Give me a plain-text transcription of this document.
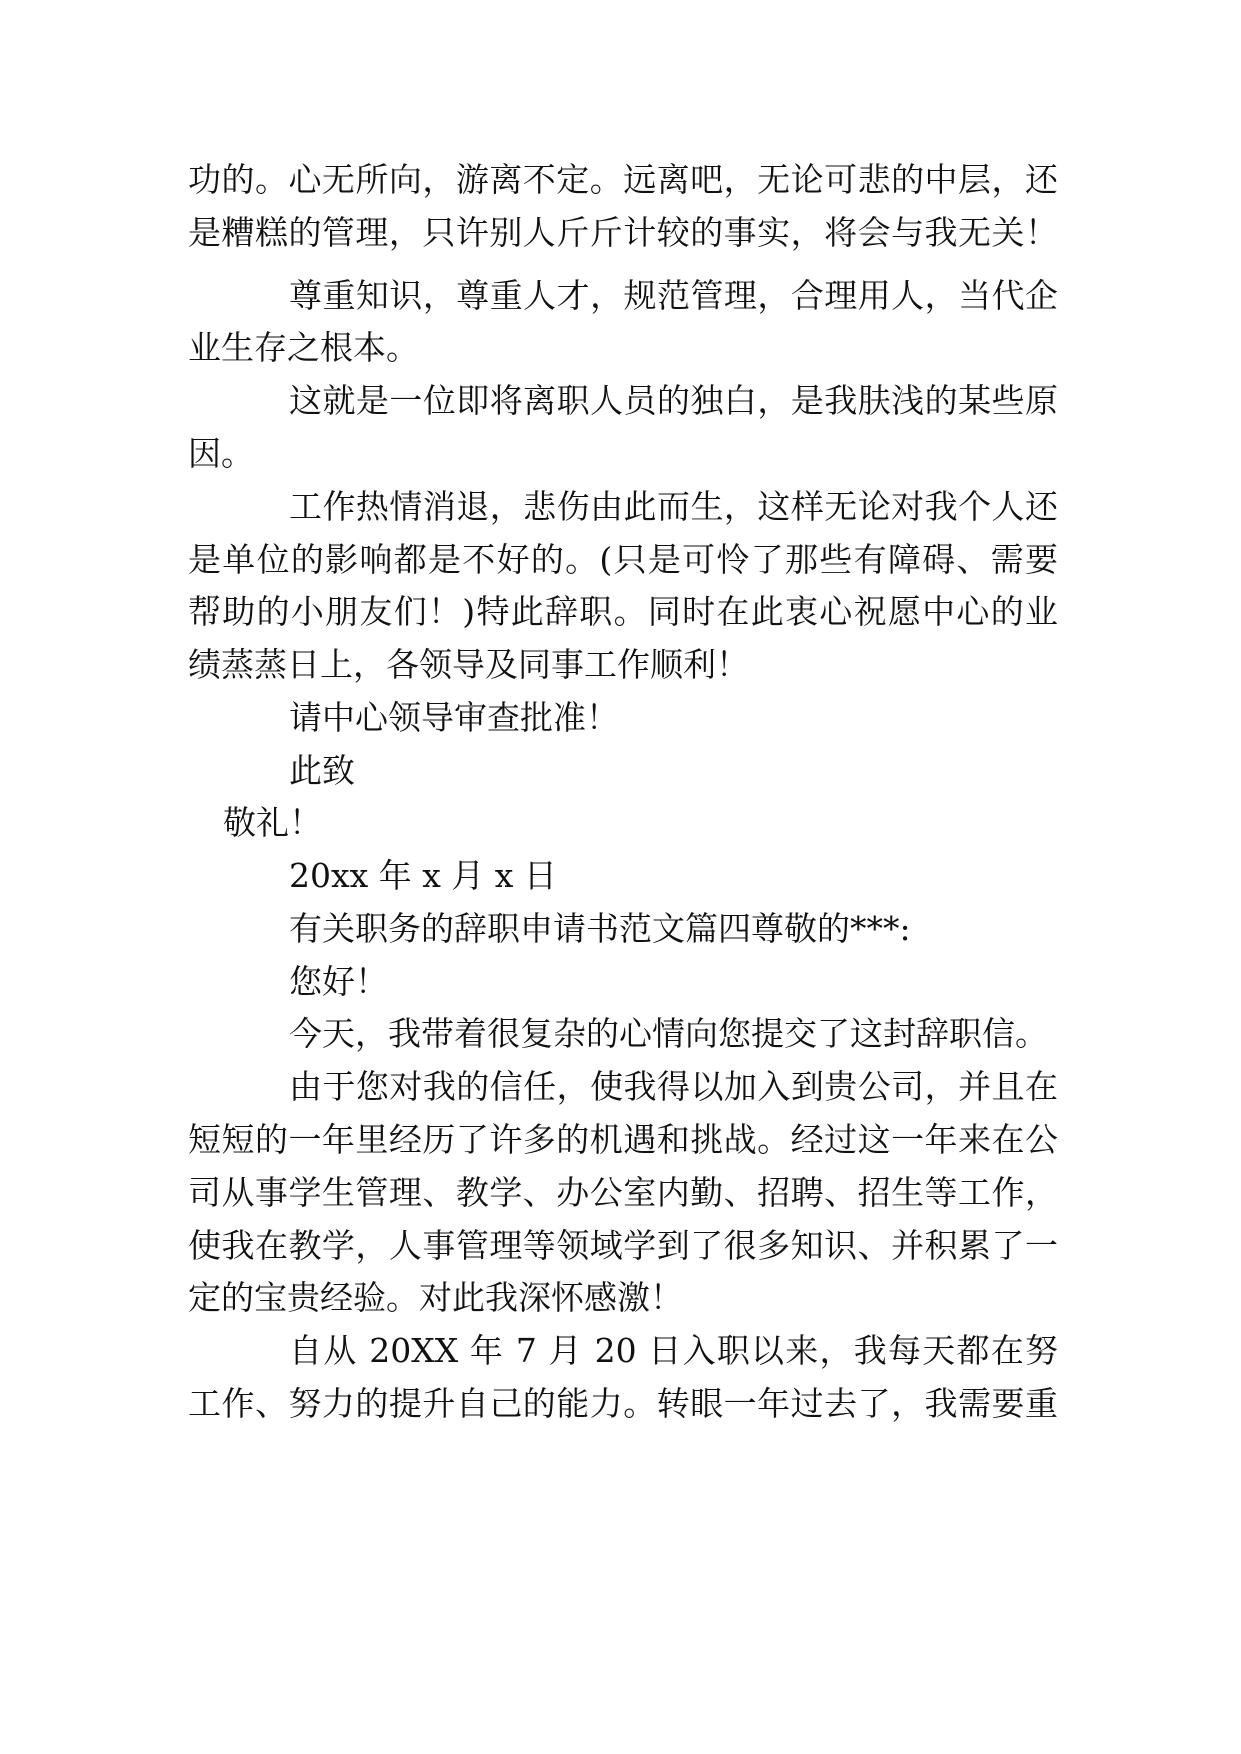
功的。心无所向，游离不定。远离吧，无论可悲的中层，还
是糟糕的管理，只许别人斤斤计较的事实，将会与我无关！
尊重知识，尊重人才，规范管理，合理用人，当代企
业生存之根本。
这就是一位即将离职人员的独白，是我肤浅的某些原
因。
工作热情消退，悲伤由此而生，这样无论对我个人还
是单位的影响都是不好的。(只是可怜了那些有障碍、需要
帮助的小朋友们！)特此辞职。同时在此衷心祝愿中心的业
绩蒸蒸日上，各领导及同事工作顺利！
请中心领导审查批准！
此致
敬礼！
20xx 年 x 月 x 日
有关职务的辞职申请书范文篇四尊敬的***:
您好！
今天，我带着很复杂的心情向您提交了这封辞职信。
由于您对我的信任，使我得以加入到贵公司，并且在
短短的一年里经历了许多的机遇和挑战。经过这一年来在公
司从事学生管理、教学、办公室内勤、招聘、招生等工作，
使我在教学，人事管理等领域学到了很多知识、并积累了一
定的宝贵经验。对此我深怀感激！
自从 20XX 年 7 月 20 日入职以来，我每天都在努
工作、努力的提升自己的能力。转眼一年过去了，我需要重
